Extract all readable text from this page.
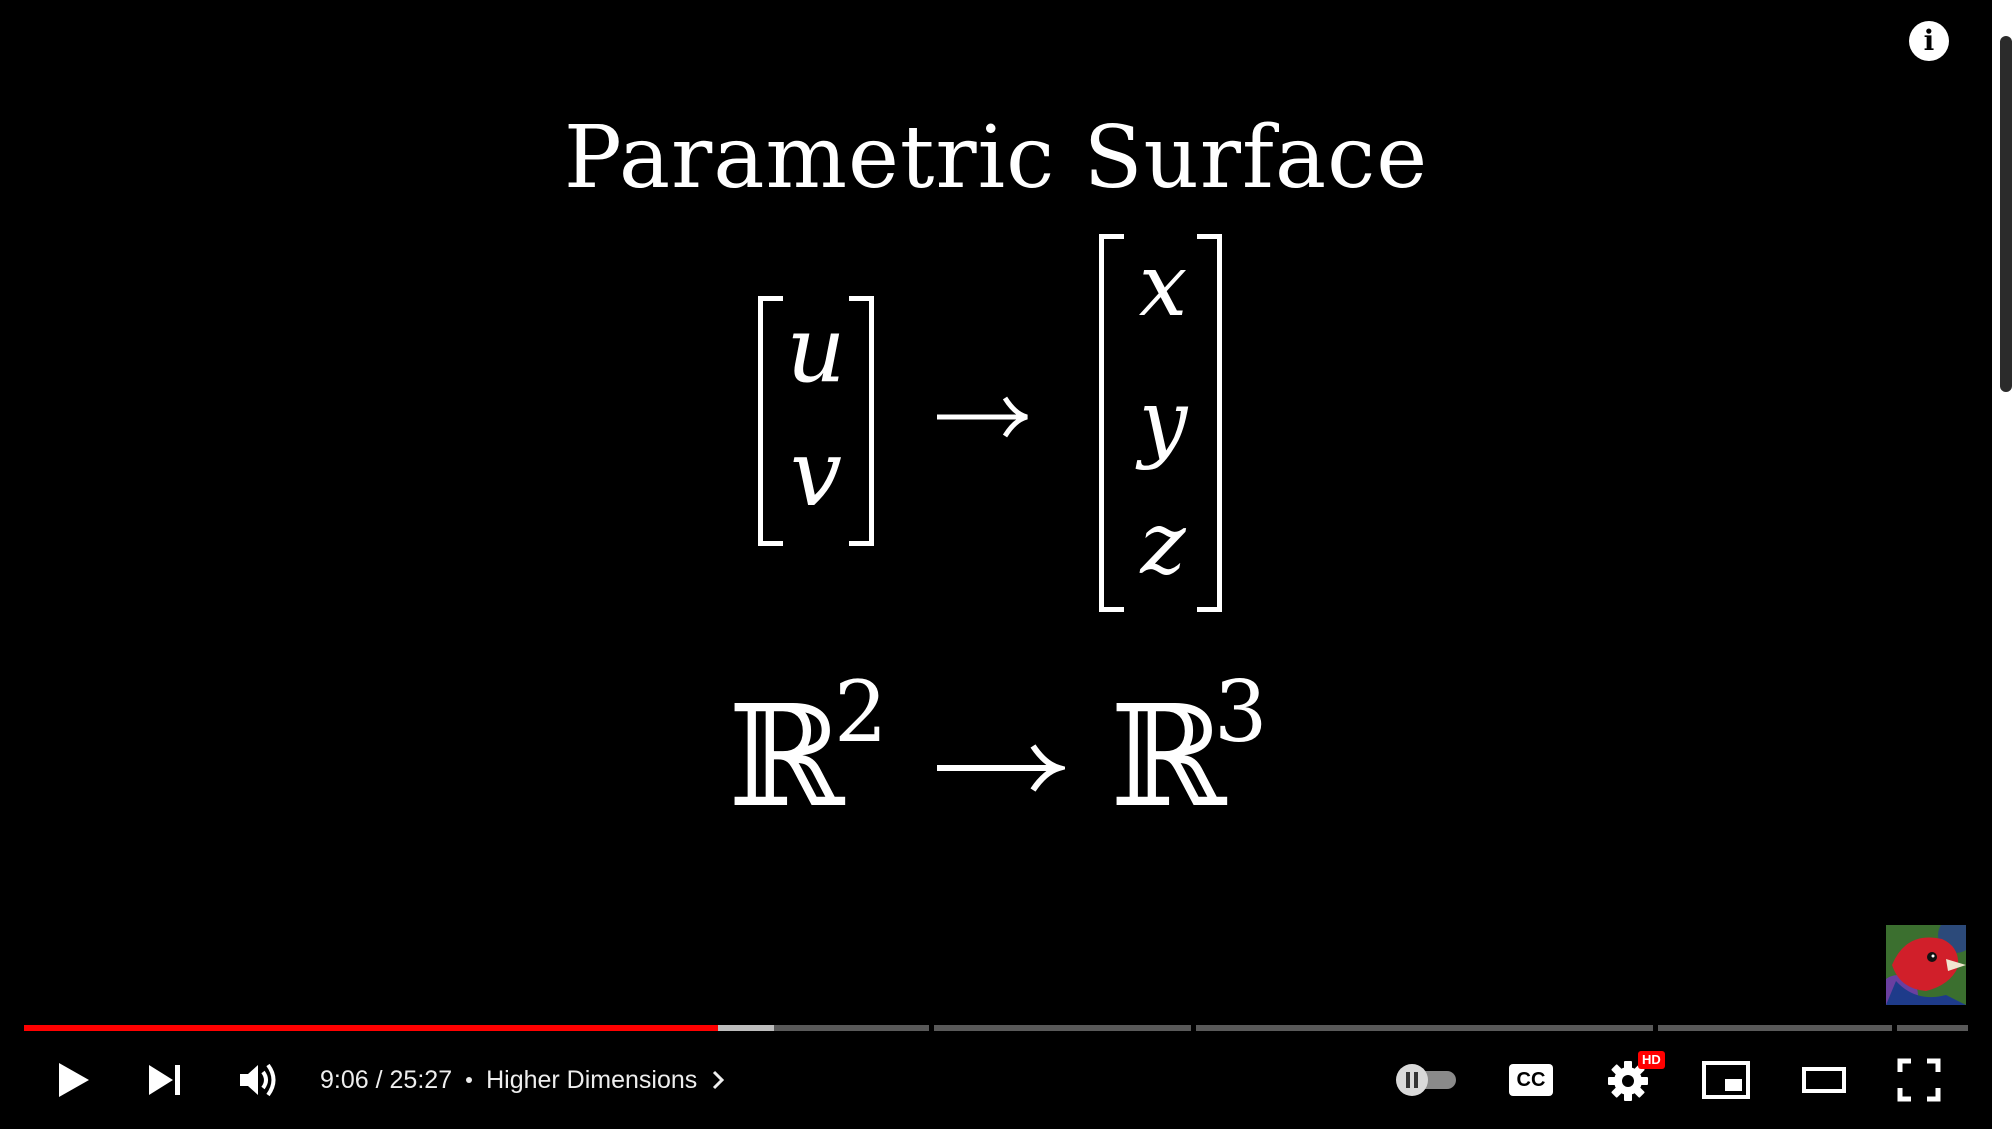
i
Parametric Surface
u
v
x
y
z
ℝ
2 ℝ
3
9:06 / 25:27 Higher Dimensions	CC
HD
